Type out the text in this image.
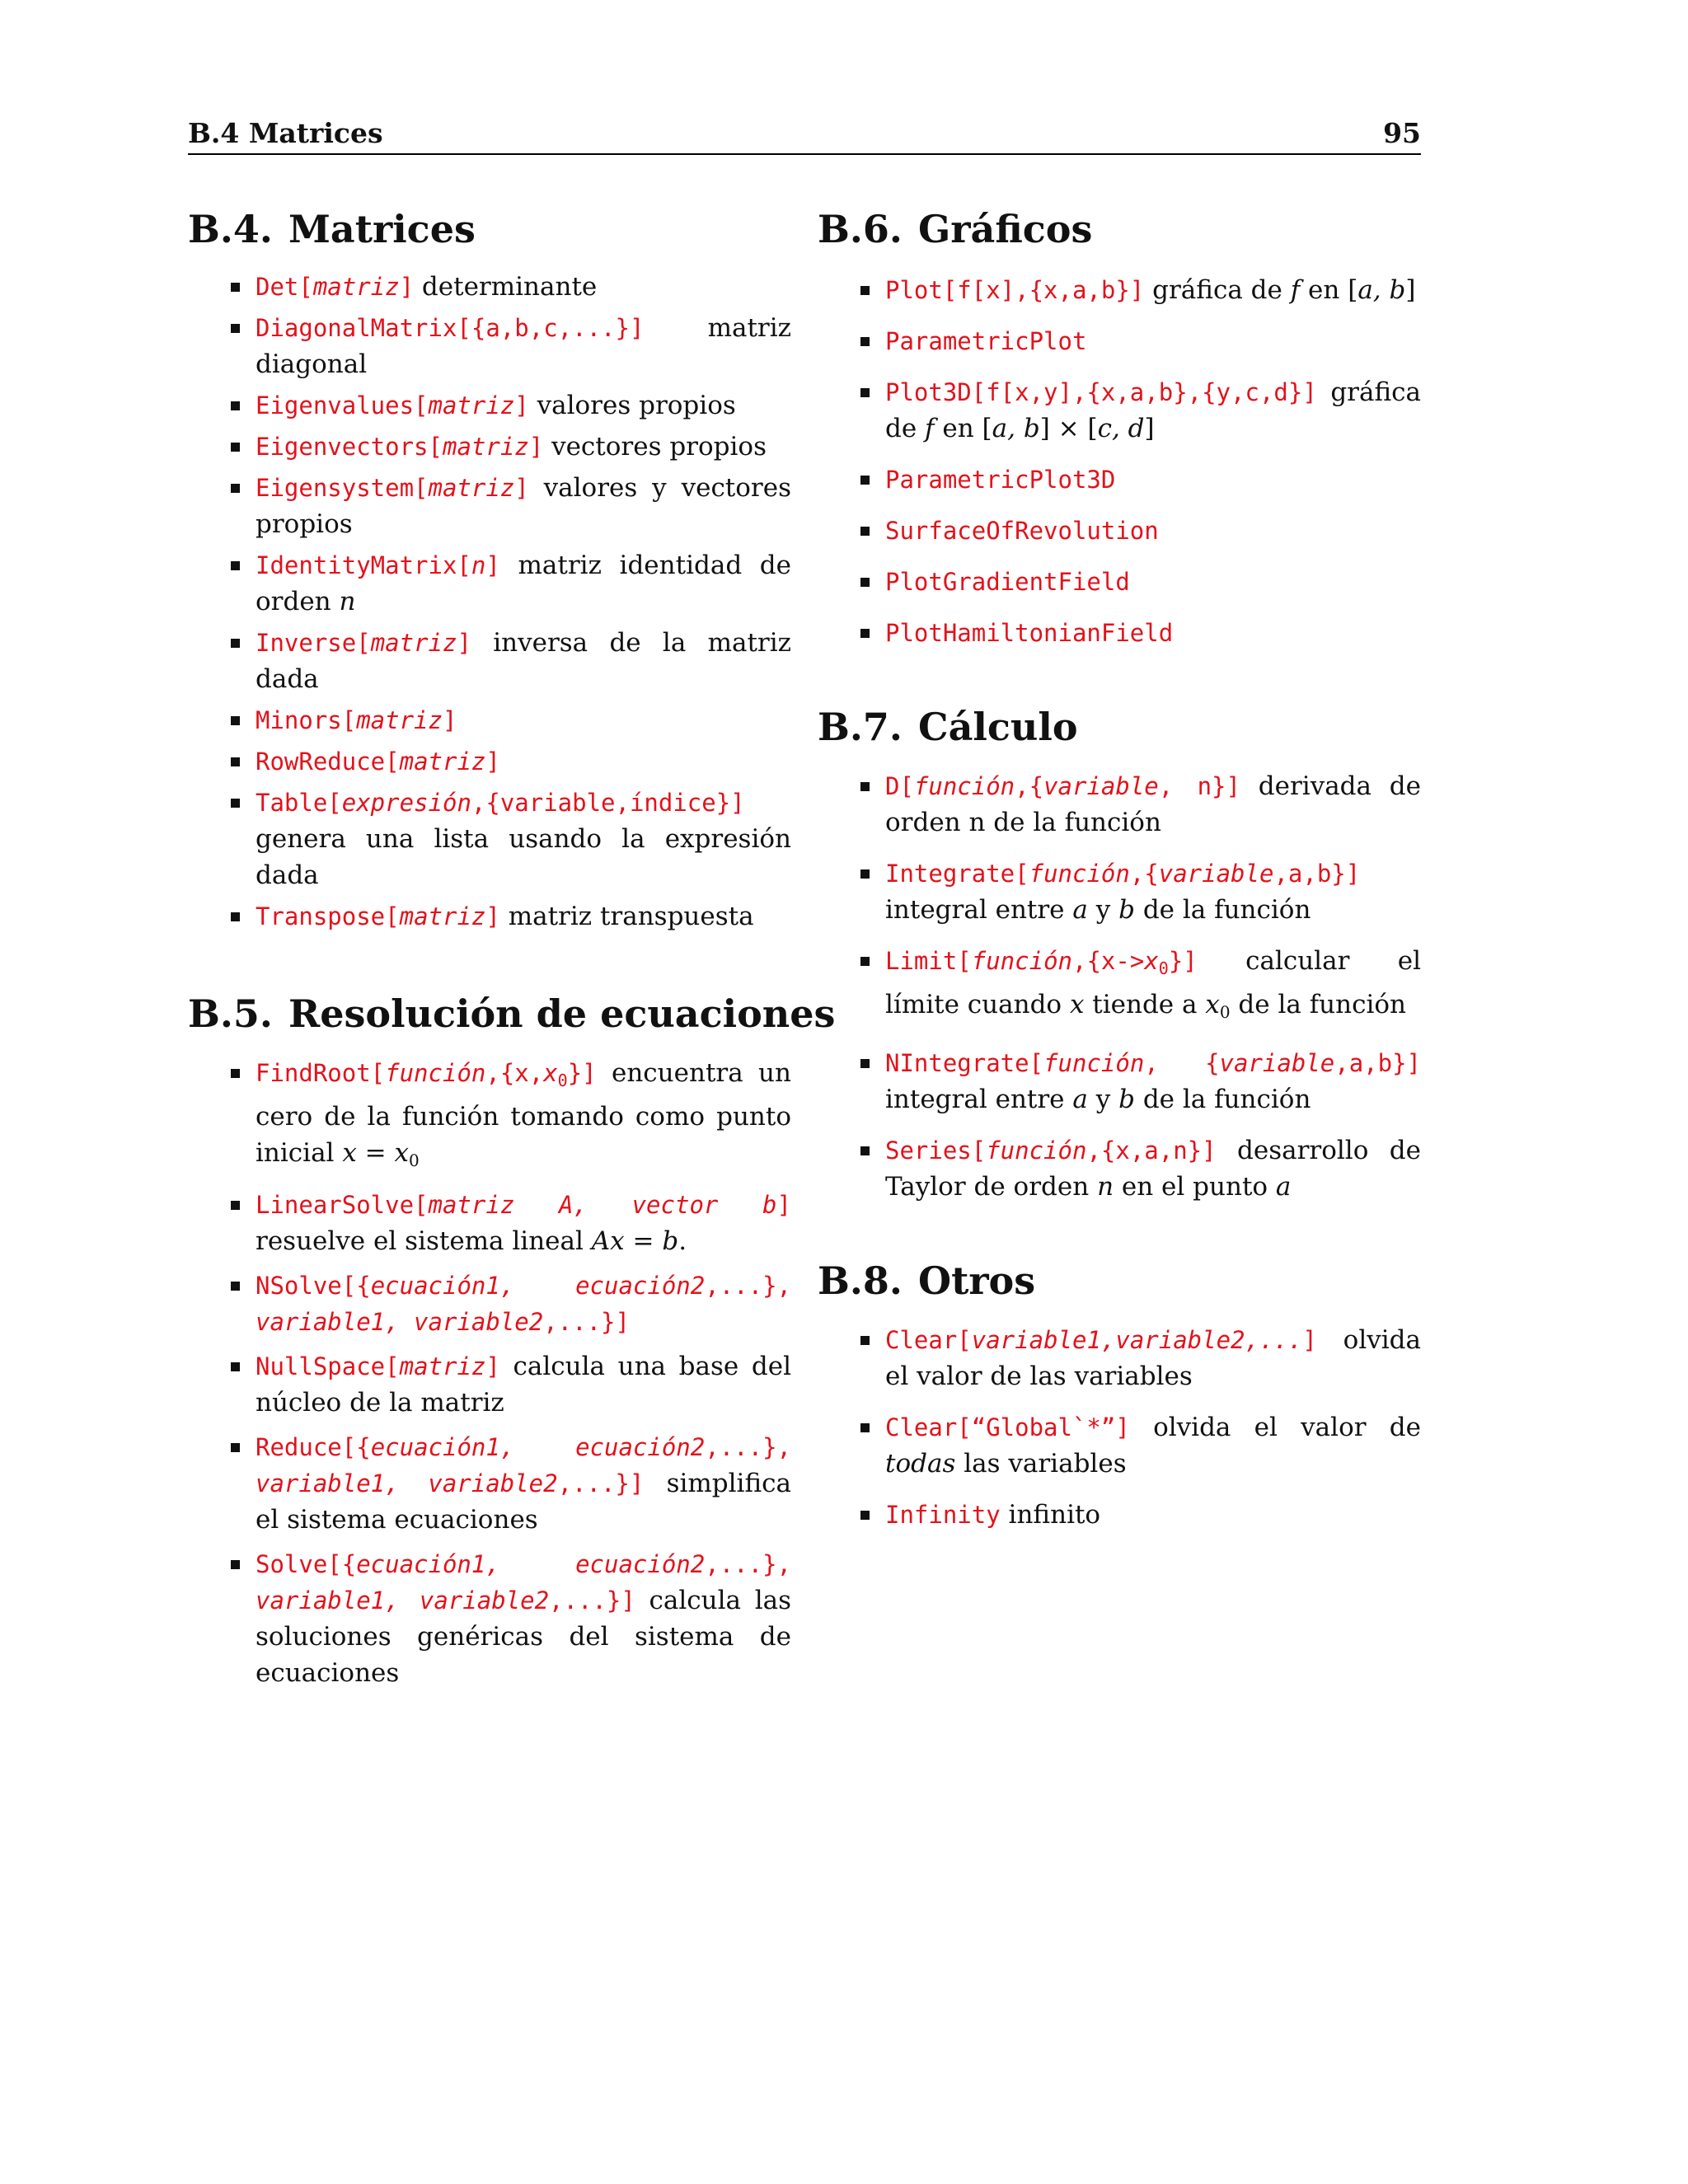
B.4 Matrices	95
B.4. Matrices
Det[matriz] determinante
DiagonalMatrix[{a,b,c,...}] matriz diagonal
Eigenvalues[matriz] valores propios
Eigenvectors[matriz] vectores propios
Eigensystem[matriz] valores y vectores propios
IdentityMatrix[n] matriz identidad de orden n
Inverse[matriz] inversa de la matriz dada
Minors[matriz]
RowReduce[matriz]
Table[expresión,{variable,índice}] genera una lista usando la expresión dada
Transpose[matriz] matriz transpuesta
B.5. Resolución de ecuaciones
$FindRoot[función,\{x,x_0\}]$ encuentra un cero de la función tomando como punto inicial $x = x_0$
LinearSolve[matriz A, vector b] resuelve el sistema lineal Ax = b.
NSolve[{ecuación1, ecuación2,...}, variable1, variable2,...}]
NullSpace[matriz] calcula una base del núcleo de la matriz
Reduce[{ecuación1, ecuación2,...}, variable1, variable2,...}] simplifica el sistema ecuaciones
Solve[{ecuación1, ecuación2,...}, variable1, variable2,...}] calcula las soluciones genéricas del sistema de ecuaciones
B.6. Gráficos
Plot[f[x],{x,a,b}] gráfica de f en [a, b]
ParametricPlot
Plot3D[f[x,y],{x,a,b},{y,c,d}] gráfica de f en [a, b] × [c, d]
ParametricPlot3D
SurfaceOfRevolution
PlotGradientField
PlotHamiltonianField
B.7. Cálculo
D[función,{variable, n}] derivada de orden n de la función
Integrate[función,{variable,a,b}] integral entre a y b de la función
$Limit[función,\{x->x_0\}]$ calcular el límite cuando x tiende a $x_0$ de la función
NIntegrate[función, {variable,a,b}] integral entre a y b de la función
Series[función,{x,a,n}] desarrollo de Taylor de orden n en el punto a
B.8. Otros
Clear[variable1,variable2,...] olvida el valor de las variables
Clear[“Global`*”] olvida el valor de todas las variables
Infinity infinito
